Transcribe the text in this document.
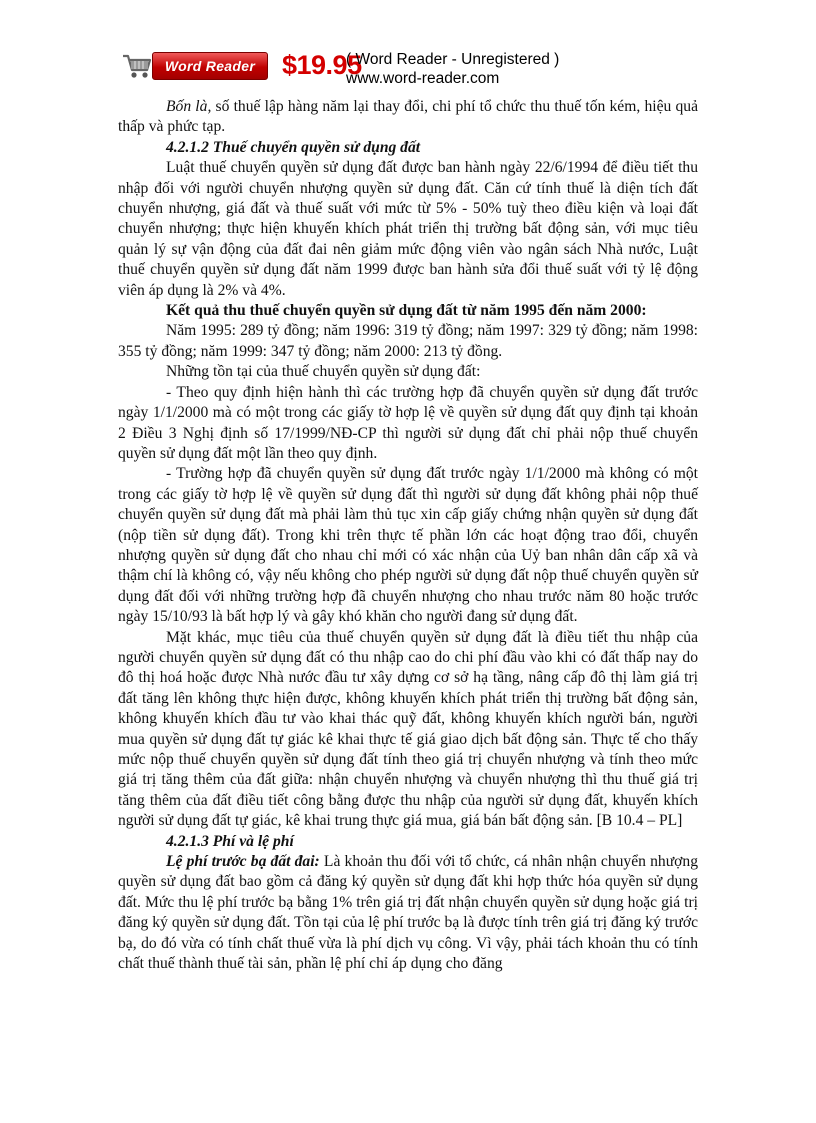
Word Reader $19.95
( Word Reader - Unregistered )
www.word-reader.com

Bốn là, số thuế lập hàng năm lại thay đổi, chi phí tổ chức thu thuế tốn kém, hiệu quả thấp và phức tạp.

4.2.1.2 Thuế chuyển quyền sử dụng đất

Luật thuế chuyển quyền sử dụng đất được ban hành ngày 22/6/1994 để điều tiết thu nhập đối với người chuyển nhượng quyền sử dụng đất. Căn cứ tính thuế là diện tích đất chuyển nhượng, giá đất và thuế suất với mức từ 5% - 50% tuỳ theo điều kiện và loại đất chuyển nhượng; thực hiện khuyến khích phát triển thị trường bất động sản, với mục tiêu quản lý sự vận động của đất đai nên giảm mức động viên vào ngân sách Nhà nước, Luật thuế chuyển quyền sử dụng đất năm 1999 được ban hành sửa đổi thuế suất với tỷ lệ động viên áp dụng là 2% và 4%.

Kết quả thu thuế chuyển quyền sử dụng đất từ năm 1995 đến năm 2000:

Năm 1995: 289 tỷ đồng; năm 1996: 319 tỷ đồng; năm 1997: 329 tỷ đồng; năm 1998: 355 tỷ đồng; năm 1999: 347 tỷ đồng; năm 2000: 213 tỷ đồng.

Những tồn tại của thuế chuyển quyền sử dụng đất:

- Theo quy định hiện hành thì các trường hợp đã chuyển quyền sử dụng đất trước ngày 1/1/2000 mà có một trong các giấy tờ hợp lệ về quyền sử dụng đất quy định tại khoản 2 Điều 3 Nghị định số 17/1999/NĐ-CP thì người sử dụng đất chỉ phải nộp thuế chuyển quyền sử dụng đất một lần theo quy định.

- Trường hợp đã chuyển quyền sử dụng đất trước ngày 1/1/2000 mà không có một trong các giấy tờ hợp lệ về quyền sử dụng đất thì người sử dụng đất không phải nộp thuế chuyển quyền sử dụng đất mà phải làm thủ tục xin cấp giấy chứng nhận quyền sử dụng đất (nộp tiền sử dụng đất). Trong khi trên thực tế phần lớn các hoạt động trao đổi, chuyển nhượng quyền sử dụng đất cho nhau chỉ mới có xác nhận của Uỷ ban nhân dân cấp xã và thậm chí là không có, vậy nếu không cho phép người sử dụng đất nộp thuế chuyển quyền sử dụng đất đối với những trường hợp đã chuyển nhượng cho nhau trước năm 80 hoặc trước ngày 15/10/93 là bất hợp lý và gây khó khăn cho người đang sử dụng đất.

Mặt khác, mục tiêu của thuế chuyển quyền sử dụng đất là điều tiết thu nhập của người chuyển quyền sử dụng đất có thu nhập cao do chi phí đầu vào khi có đất thấp nay do đô thị hoá hoặc được Nhà nước đầu tư xây dựng cơ sở hạ tầng, nâng cấp đô thị làm giá trị đất tăng lên không thực hiện được, không khuyến khích phát triển thị trường bất động sản, không khuyến khích đầu tư vào khai thác quỹ đất, không khuyến khích người bán, người mua quyền sử dụng đất tự giác kê khai thực tế giá giao dịch bất động sản. Thực tế cho thấy mức nộp thuế chuyển quyền sử dụng đất tính theo giá trị chuyển nhượng và tính theo mức giá trị tăng thêm của đất giữa: nhận chuyển nhượng và chuyển nhượng thì thu thuế giá trị tăng thêm của đất điều tiết công bằng được thu nhập của người sử dụng đất, khuyến khích người sử dụng đất tự giác, kê khai trung thực giá mua, giá bán bất động sản. [B 10.4 – PL]

4.2.1.3 Phí và lệ phí

Lệ phí trước bạ đất đai: Là khoản thu đối với tổ chức, cá nhân nhận chuyển nhượng quyền sử dụng đất bao gồm cả đăng ký quyền sử dụng đất khi hợp thức hóa quyền sử dụng đất. Mức thu lệ phí trước bạ bằng 1% trên giá trị đất nhận chuyển quyền sử dụng hoặc giá trị đăng ký quyền sử dụng đất. Tồn tại của lệ phí trước bạ là được tính trên giá trị đăng ký trước bạ, do đó vừa có tính chất thuế vừa là phí dịch vụ công. Vì vậy, phải tách khoản thu có tính chất thuế thành thuế tài sản, phần lệ phí chỉ áp dụng cho đăng
